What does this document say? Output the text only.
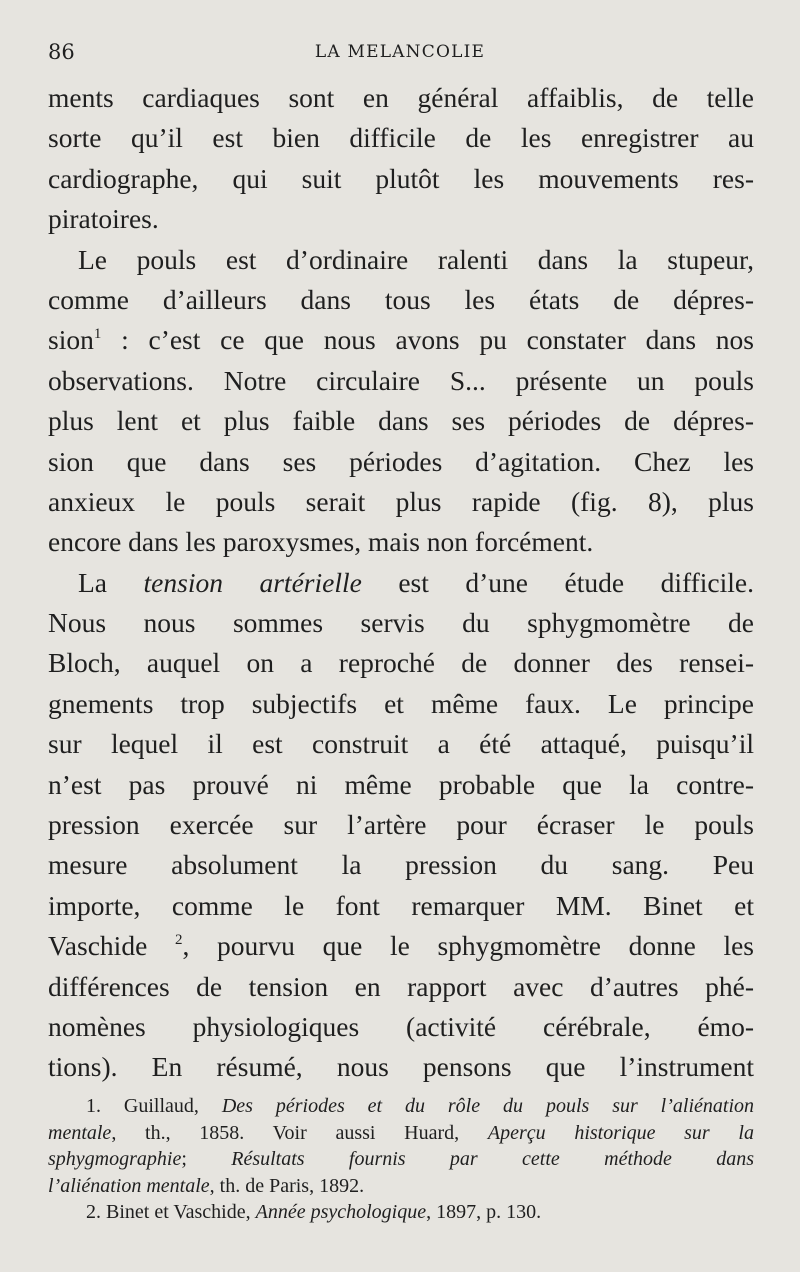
86	LA MELANCOLIE
ments cardiaques sont en général affaiblis, de telle
sorte qu’il est bien difficile de les enregistrer au
cardiographe, qui suit plutôt les mouvements res-
piratoires.
Le pouls est d’ordinaire ralenti dans la stupeur,
comme d’ailleurs dans tous les états de dépres-
sion$^1$ : c’est ce que nous avons pu constater dans nos
observations. Notre circulaire S... présente un pouls
plus lent et plus faible dans ses périodes de dépres-
sion que dans ses périodes d’agitation. Chez les
anxieux le pouls serait plus rapide (fig. 8), plus
encore dans les paroxysmes, mais non forcément.
La tension artérielle est d’une étude difficile.
Nous nous sommes servis du sphygmomètre de
Bloch, auquel on a reproché de donner des rensei-
gnements trop subjectifs et même faux. Le principe
sur lequel il est construit a été attaqué, puisqu’il
n’est pas prouvé ni même probable que la contre-
pression exercée sur l’artère pour écraser le pouls
mesure absolument la pression du sang. Peu
importe, comme le font remarquer MM. Binet et
Vaschide $^2$, pourvu que le sphygmomètre donne les
différences de tension en rapport avec d’autres phé-
nomènes physiologiques (activité cérébrale, émo-
tions). En résumé, nous pensons que l’instrument
1. Guillaud, Des périodes et du rôle du pouls sur l’aliénation
mentale, th., 1858. Voir aussi Huard, Aperçu historique sur la
sphygmographie; Résultats fournis par cette méthode dans
l’aliénation mentale, th. de Paris, 1892.
2. Binet et Vaschide, Année psychologique, 1897, p. 130.
